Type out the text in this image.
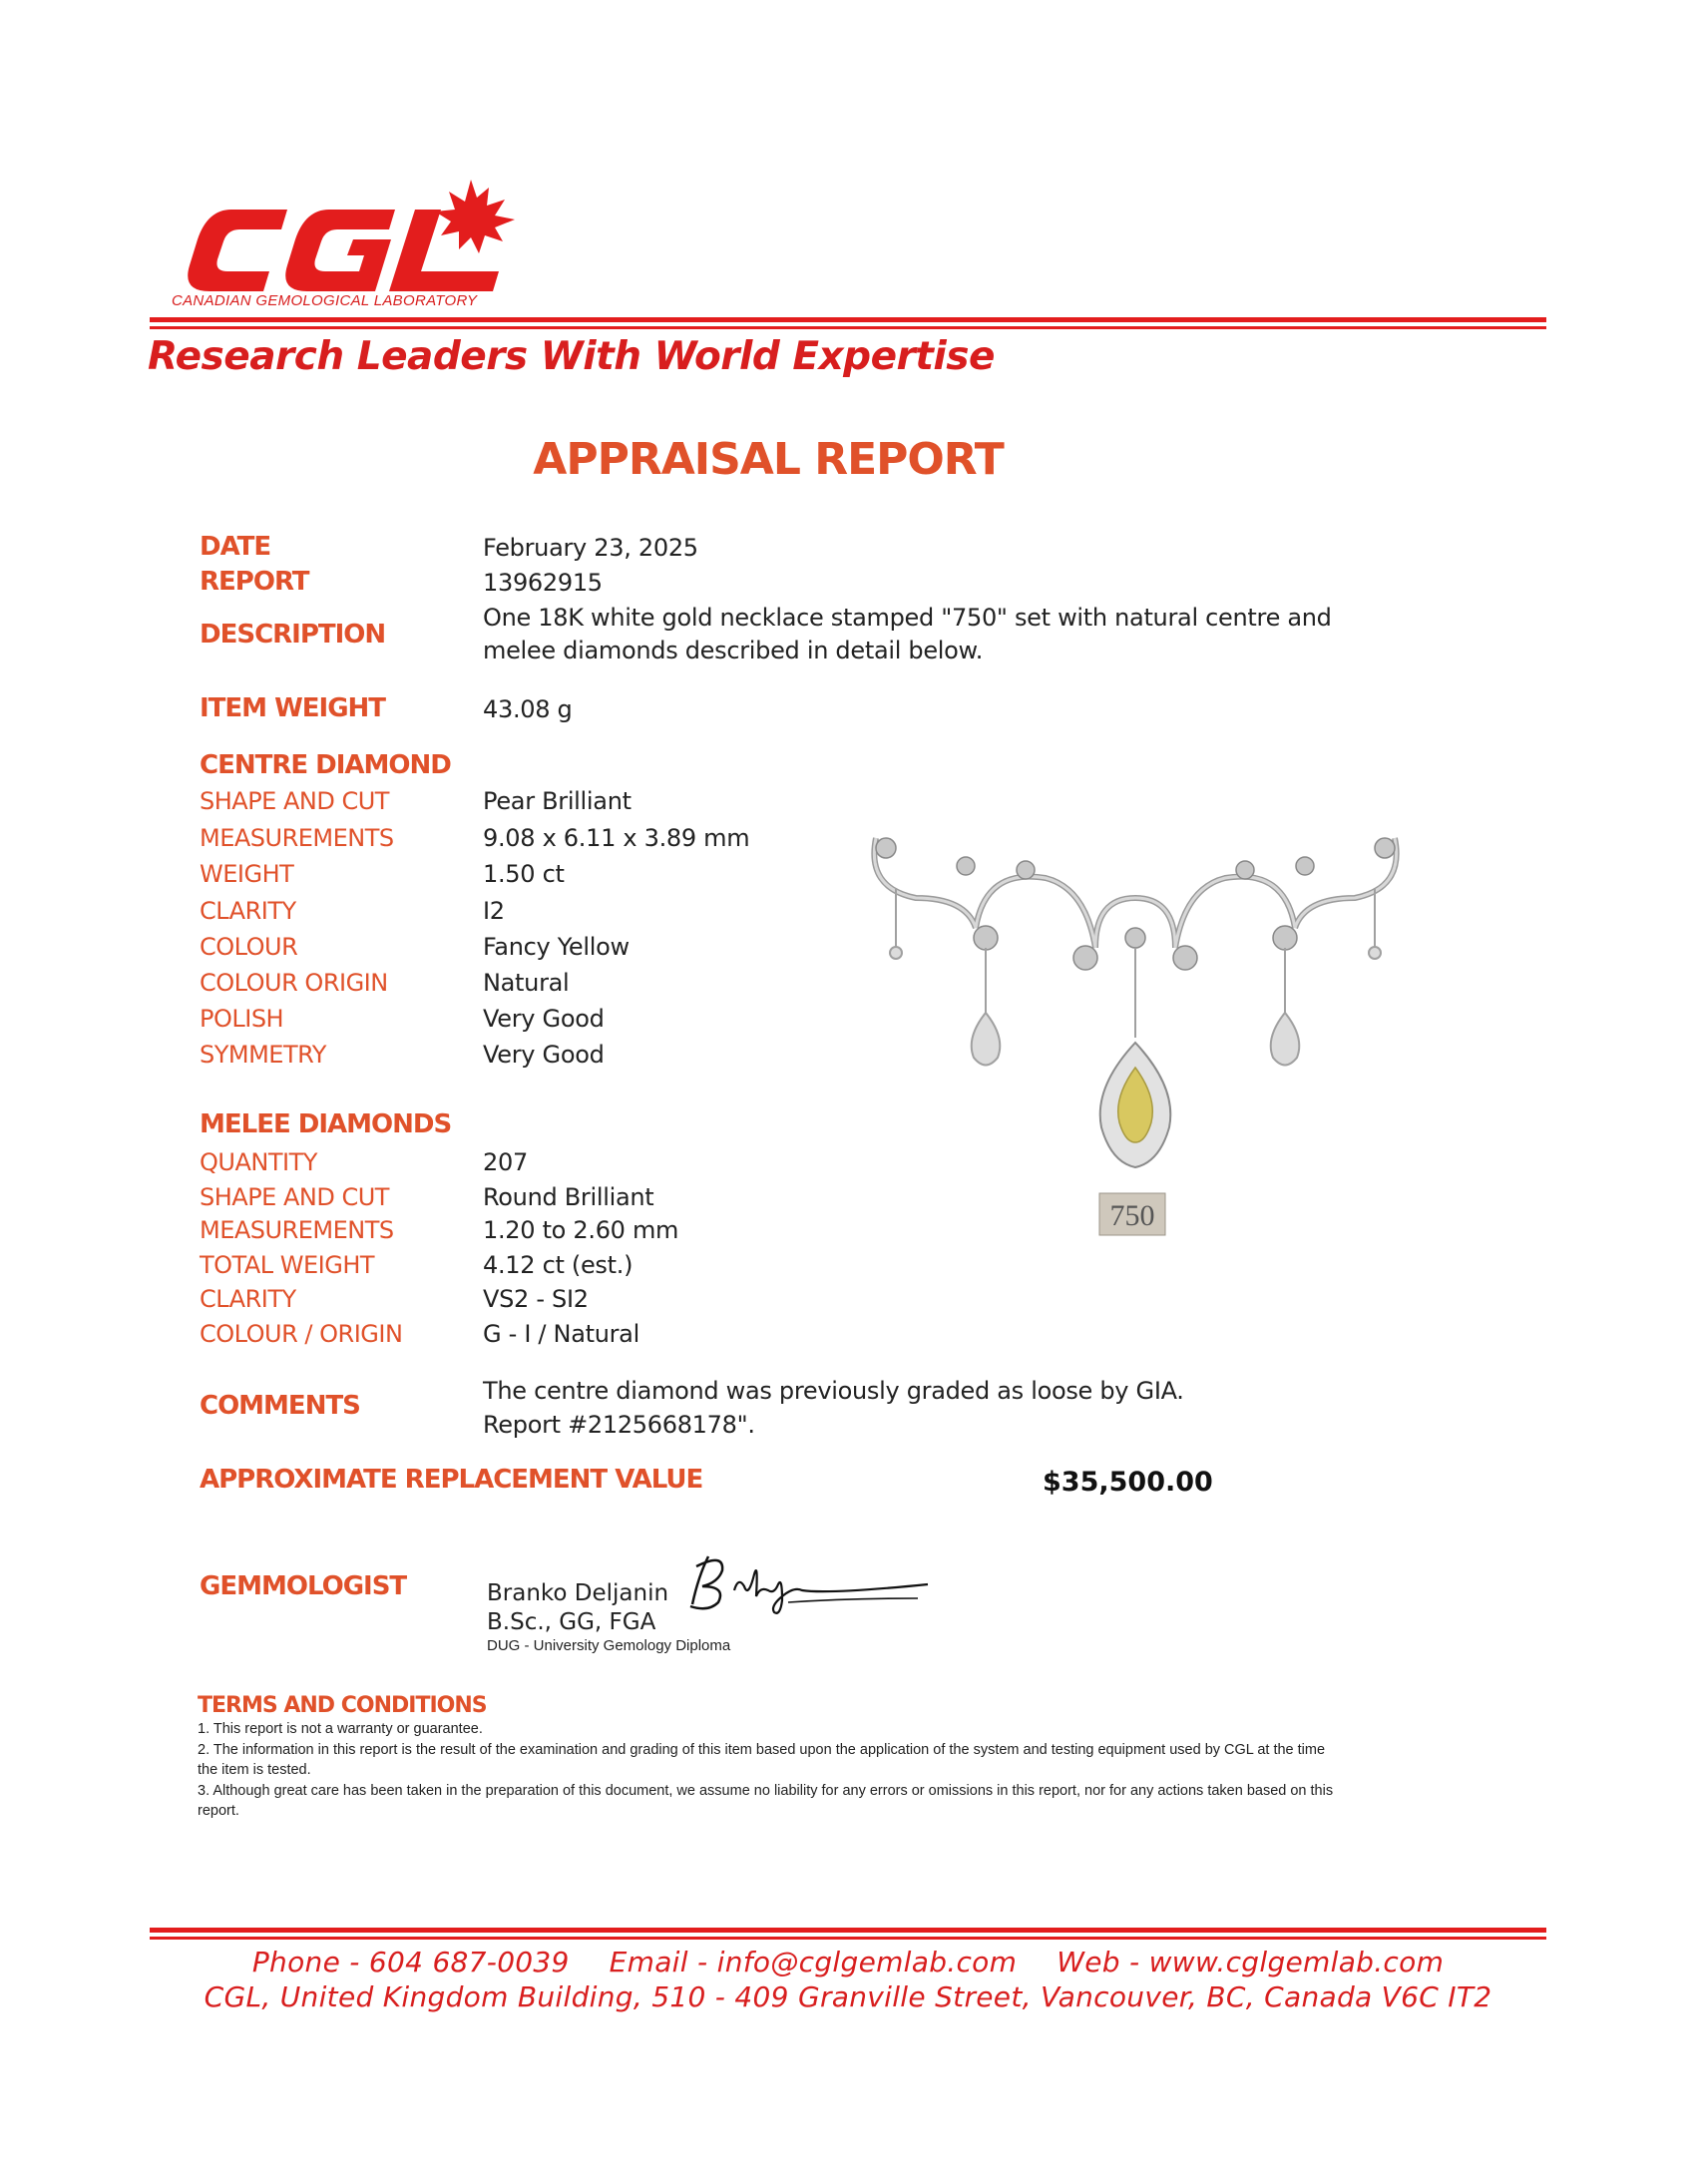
CANADIAN GEMOLOGICAL LABORATORY
Research Leaders With World Expertise
APPRAISAL REPORT
DATE	February 23, 2025
REPORT	13962915
DESCRIPTION
One 18K white gold necklace stamped "750" set with natural centre and melee diamonds described in detail below.
ITEM WEIGHT	43.08 g
CENTRE DIAMOND
SHAPE AND CUT	Pear Brilliant
MEASUREMENTS	9.08 x 6.11 x 3.89 mm
WEIGHT	1.50 ct
CLARITY	I2
COLOUR	Fancy Yellow
COLOUR ORIGIN	Natural
POLISH	Very Good
SYMMETRY	Very Good
MELEE DIAMONDS
QUANTITY	207
SHAPE AND CUT	Round Brilliant
MEASUREMENTS	1.20 to 2.60 mm
TOTAL WEIGHT	4.12 ct (est.)
CLARITY	VS2 - SI2
COLOUR / ORIGIN	G - I / Natural
COMMENTS	The centre diamond was previously graded as loose by GIA.
Report #2125668178".
APPROXIMATE REPLACEMENT VALUE	$35,500.00
GEMMOLOGIST	Branko Deljanin
B.Sc., GG, FGA
DUG - University Gemology Diploma
750
TERMS AND CONDITIONS
1. This report is not a warranty or guarantee.
2. The information in this report is the result of the examination and grading of this item based upon the application of the system and testing equipment used by CGL at the time the item is tested.
3. Although great care has been taken in the preparation of this document, we assume no liability for any errors or omissions in this report, nor for any actions taken based on this report.
Phone - 604 687-0039 Email - info@cglgemlab.com Web - www.cglgemlab.com
CGL, United Kingdom Building, 510 - 409 Granville Street, Vancouver, BC, Canada V6C IT2
